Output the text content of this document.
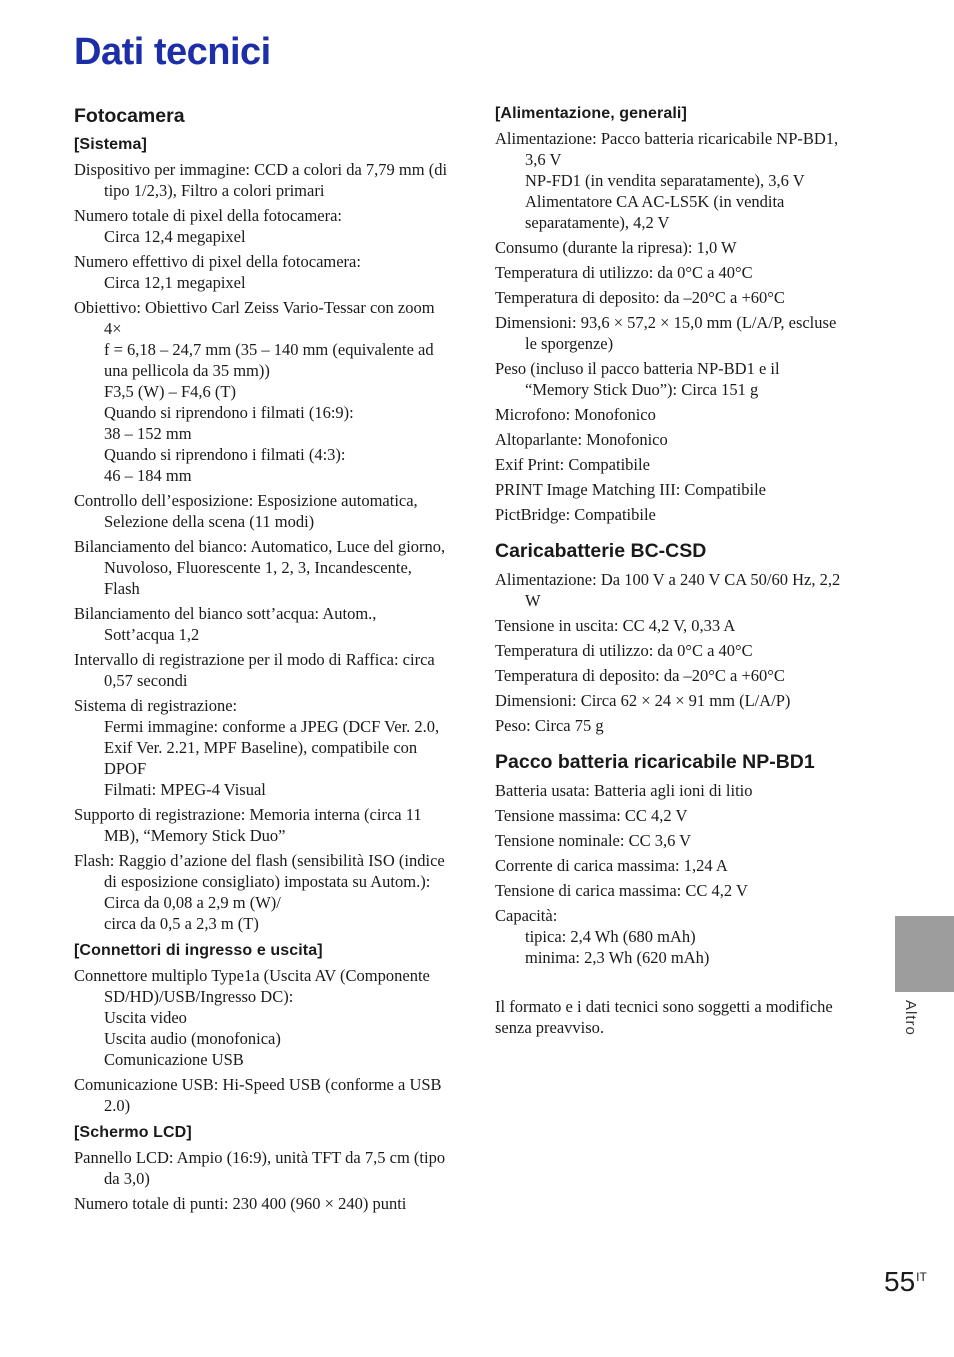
Dati tecnici
Fotocamera
[Sistema]
Dispositivo per immagine: CCD a colori da 7,79 mm (di tipo 1/2,3), Filtro a colori primari
Numero totale di pixel della fotocamera:
Circa 12,4 megapixel
Numero effettivo di pixel della fotocamera:
Circa 12,1 megapixel
Obiettivo: Obiettivo Carl Zeiss Vario-Tessar con zoom 4×
f = 6,18 – 24,7 mm (35 – 140 mm (equivalente ad una pellicola da 35 mm))
F3,5 (W) – F4,6 (T)
Quando si riprendono i filmati (16:9):
38 – 152 mm
Quando si riprendono i filmati (4:3):
46 – 184 mm
Controllo dell’esposizione: Esposizione automatica, Selezione della scena (11 modi)
Bilanciamento del bianco: Automatico, Luce del giorno, Nuvoloso, Fluorescente 1, 2, 3, Incandescente, Flash
Bilanciamento del bianco sott’acqua: Autom., Sott’acqua 1,2
Intervallo di registrazione per il modo di Raffica: circa 0,57 secondi
Sistema di registrazione:
Fermi immagine: conforme a JPEG (DCF Ver. 2.0, Exif Ver. 2.21, MPF Baseline), compatibile con DPOF
Filmati: MPEG-4 Visual
Supporto di registrazione: Memoria interna (circa 11 MB), “Memory Stick Duo”
Flash: Raggio d’azione del flash (sensibilità ISO (indice di esposizione consigliato) impostata su Autom.):
Circa da 0,08 a 2,9 m (W)/
circa da 0,5 a 2,3 m (T)
[Connettori di ingresso e uscita]
Connettore multiplo Type1a (Uscita AV (Componente SD/HD)/USB/Ingresso DC):
Uscita video
Uscita audio (monofonica)
Comunicazione USB
Comunicazione USB: Hi-Speed USB (conforme a USB 2.0)
[Schermo LCD]
Pannello LCD: Ampio (16:9), unità TFT da 7,5 cm (tipo da 3,0)
Numero totale di punti: 230 400 (960 × 240) punti
[Alimentazione, generali]
Alimentazione: Pacco batteria ricaricabile NP-BD1, 3,6 V
NP-FD1 (in vendita separatamente), 3,6 V
Alimentatore CA AC-LS5K (in vendita separatamente), 4,2 V
Consumo (durante la ripresa): 1,0 W
Temperatura di utilizzo: da 0°C a 40°C
Temperatura di deposito: da –20°C a +60°C
Dimensioni: 93,6 × 57,2 × 15,0 mm (L/A/P, escluse le sporgenze)
Peso (incluso il pacco batteria NP-BD1 e il “Memory Stick Duo”): Circa 151 g
Microfono: Monofonico
Altoparlante: Monofonico
Exif Print: Compatibile
PRINT Image Matching III: Compatibile
PictBridge: Compatibile
Caricabatterie BC-CSD
Alimentazione: Da 100 V a 240 V CA 50/60 Hz, 2,2 W
Tensione in uscita: CC 4,2 V, 0,33 A
Temperatura di utilizzo: da 0°C a 40°C
Temperatura di deposito: da –20°C a +60°C
Dimensioni: Circa 62 × 24 × 91 mm (L/A/P)
Peso: Circa 75 g
Pacco batteria ricaricabile NP-BD1
Batteria usata: Batteria agli ioni di litio
Tensione massima: CC 4,2 V
Tensione nominale: CC 3,6 V
Corrente di carica massima: 1,24 A
Tensione di carica massima: CC 4,2 V
Capacità:
tipica: 2,4 Wh (680 mAh)
minima: 2,3 Wh (620 mAh)
Il formato e i dati tecnici sono soggetti a modifiche senza preavviso.	Altro
$55^{IT}$
